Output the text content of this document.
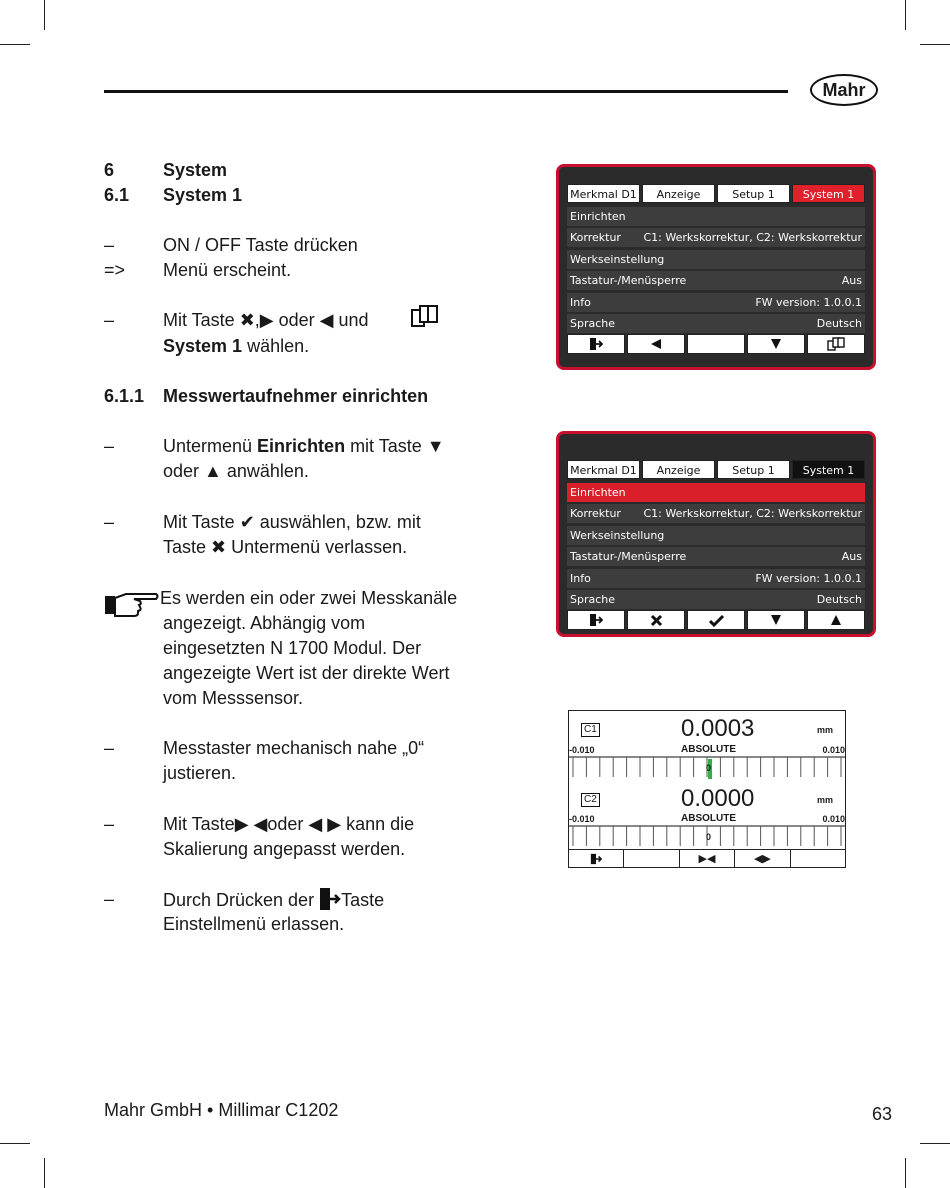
Mahr
6	System
6.1 System 1
–	ON / OFF Taste drücken
=> Menü erscheint.
–	Mit Taste ✖,▶ oder ◀ und
System 1 wählen.
6.1.1 Messwertaufnehmer einrichten
–	Untermenü Einrichten mit Taste ▼
oder ▲ anwählen.
–	Mit Taste ✔ auswählen, bzw. mit
Taste ✖ Untermenü verlassen.
Es werden ein oder zwei Messkanäle
angezeigt. Abhängig vom
eingesetzten N 1700 Modul. Der
angezeigte Wert ist der direkte Wert
vom Messsensor.
–	Messtaster mechanisch nahe „0“
justieren.
–	Mit Taste▶ ◀oder ◀ ▶ kann die
Skalierung angepasst werden.
–	Durch Drücken der Taste
Einstellmenü erlassen.
Merkmal D1	Anzeige	Setup 1	System 1
Einrichten
Korrektur C1: Werkskorrektur, C2: Werkskorrektur
Werkseinstellung
Tastatur-/Menüsperre	Aus
Info	FW version: 1.0.0.1
Sprache	Deutsch
Merkmal D1	Anzeige	Setup 1	System 1
Einrichten
Korrektur C1: Werkskorrektur, C2: Werkskorrektur
Werkseinstellung
Tastatur-/Menüsperre	Aus
Info	FW version: 1.0.0.1
Sprache	Deutsch
C1	0.0003	mm
-0.010	ABSOLUTE	0.010
0
C2	0.0000	mm
-0.010	ABSOLUTE	0.010
0
▶◀	◀▶
Mahr GmbH • Millimar C1202	63
